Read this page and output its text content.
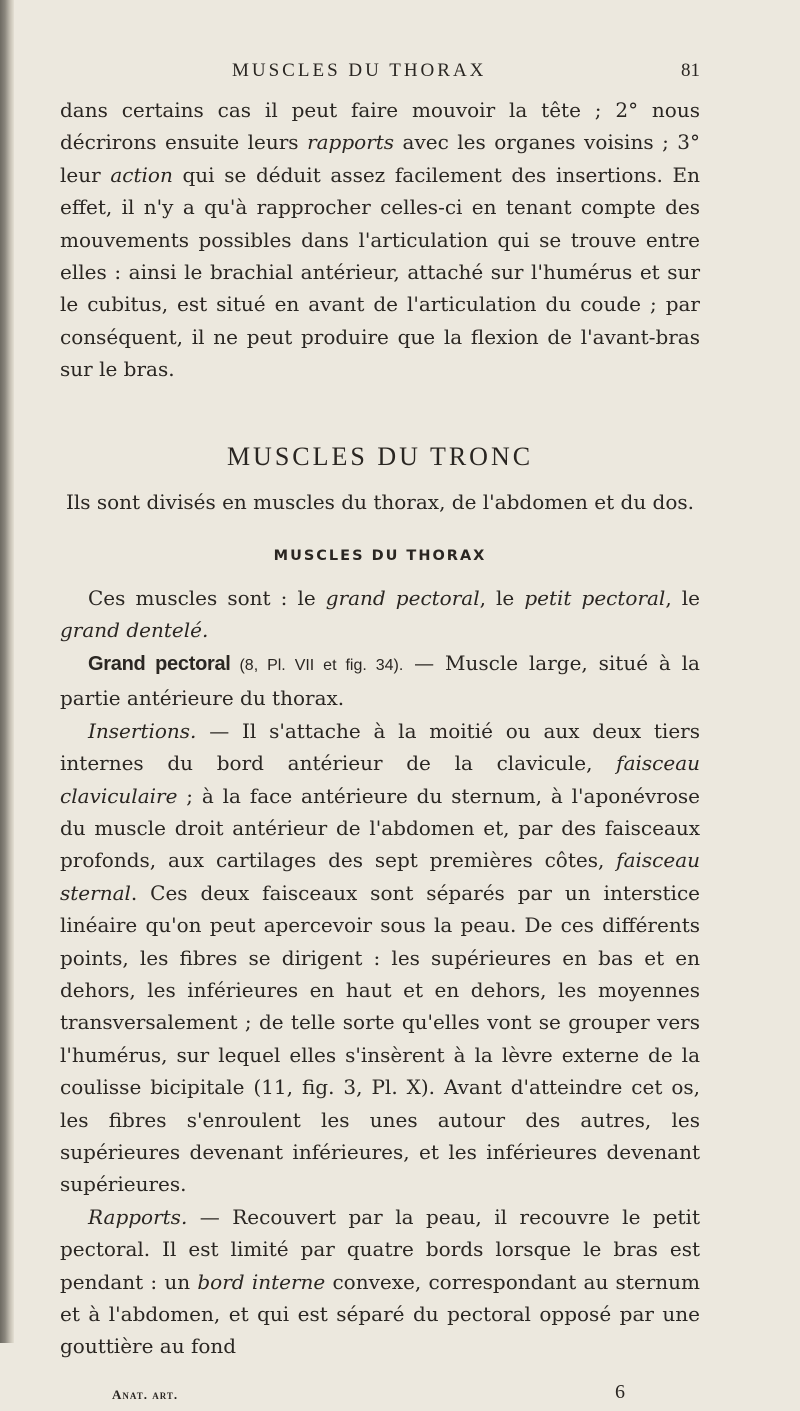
MUSCLES DU THORAX	81

dans certains cas il peut faire mouvoir la tête ; 2° nous décrirons ensuite leurs rapports avec les organes voisins ; 3° leur action qui se déduit assez facilement des insertions. En effet, il n'y a qu'à rapprocher celles-ci en tenant compte des mouvements possibles dans l'articulation qui se trouve entre elles : ainsi le brachial antérieur, attaché sur l'humérus et sur le cubitus, est situé en avant de l'articulation du coude ; par conséquent, il ne peut produire que la flexion de l'avant-bras sur le bras.

MUSCLES DU TRONC

Ils sont divisés en muscles du thorax, de l'abdomen et du dos.

MUSCLES DU THORAX

Ces muscles sont : le grand pectoral, le petit pectoral, le grand dentelé.

Grand pectoral (8, Pl. VII et fig. 34). — Muscle large, situé à la partie antérieure du thorax.

Insertions. — Il s'attache à la moitié ou aux deux tiers internes du bord antérieur de la clavicule, faisceau claviculaire ; à la face antérieure du sternum, à l'aponévrose du muscle droit antérieur de l'abdomen et, par des faisceaux profonds, aux cartilages des sept premières côtes, faisceau sternal. Ces deux faisceaux sont séparés par un interstice linéaire qu'on peut apercevoir sous la peau. De ces différents points, les fibres se dirigent : les supérieures en bas et en dehors, les inférieures en haut et en dehors, les moyennes transversalement ; de telle sorte qu'elles vont se grouper vers l'humérus, sur lequel elles s'insèrent à la lèvre externe de la coulisse bicipitale (11, fig. 3, Pl. X). Avant d'atteindre cet os, les fibres s'enroulent les unes autour des autres, les supérieures devenant inférieures, et les inférieures devenant supérieures.

Rapports. — Recouvert par la peau, il recouvre le petit pectoral. Il est limité par quatre bords lorsque le bras est pendant : un bord interne convexe, correspondant au sternum et à l'abdomen, et qui est séparé du pectoral opposé par une gouttière au fond

Anat. art.	6
